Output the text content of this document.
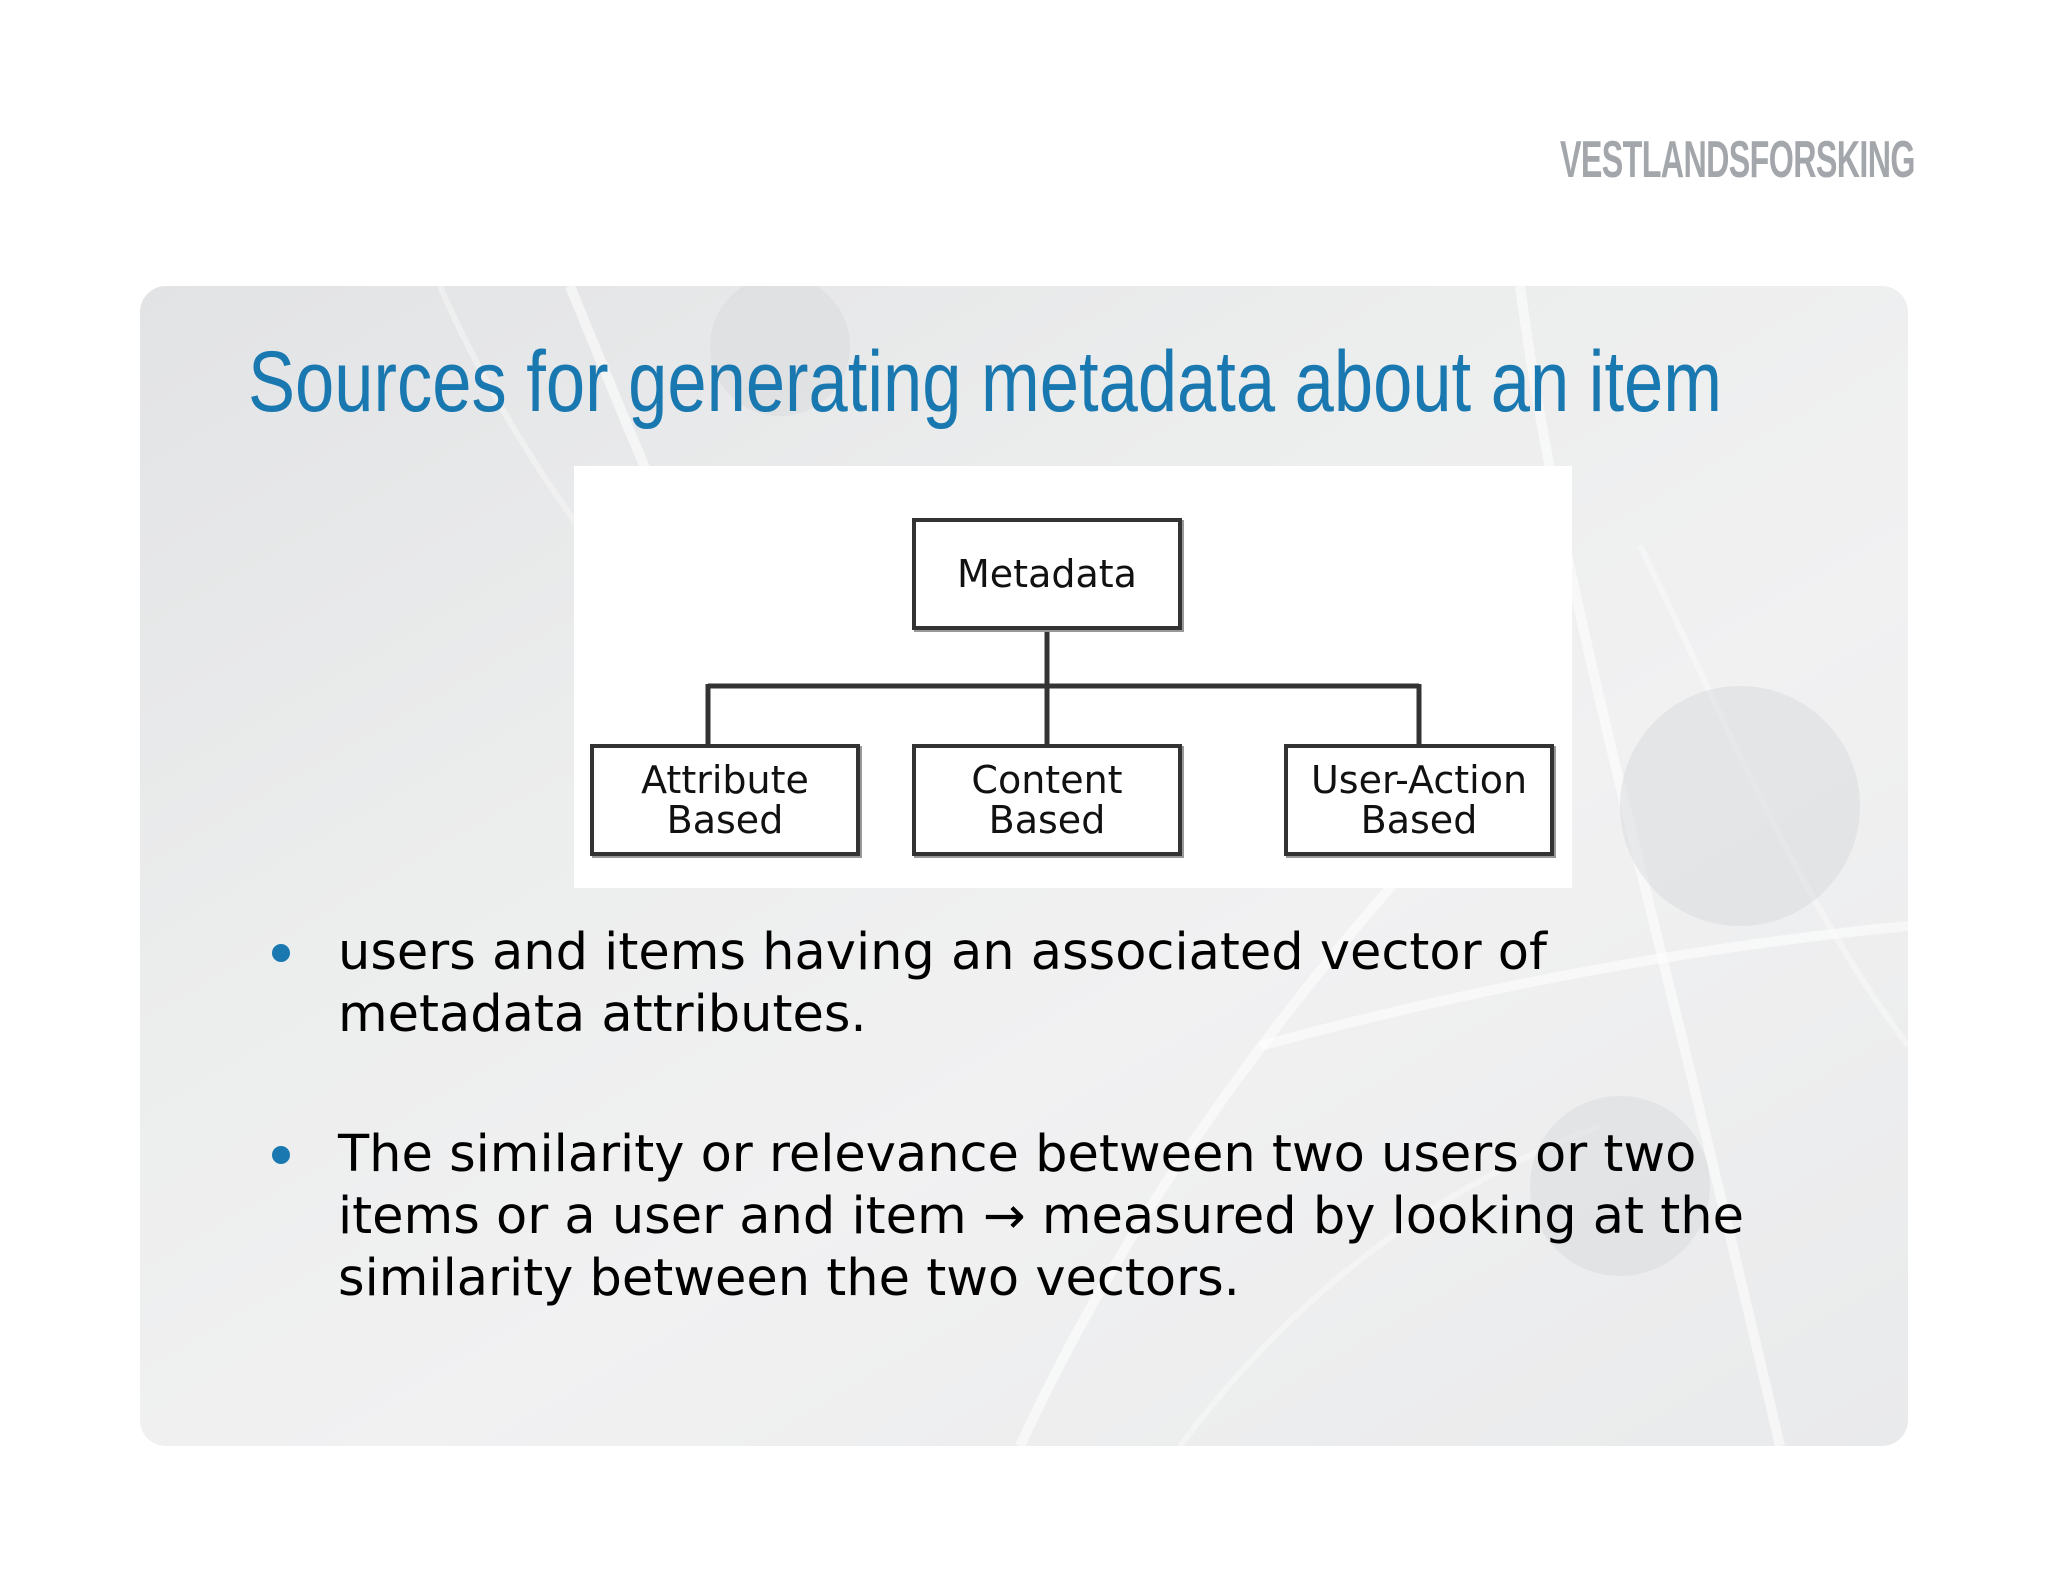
VESTLANDSFORSKING
Sources for generating metadata about an item
Metadata
Attribute
Based
Content
Based
User-Action
Based
users and items having an associated vector of
metadata attributes.
The similarity or relevance between two users or two
items or a user and item → measured by looking at the
similarity between the two vectors.
